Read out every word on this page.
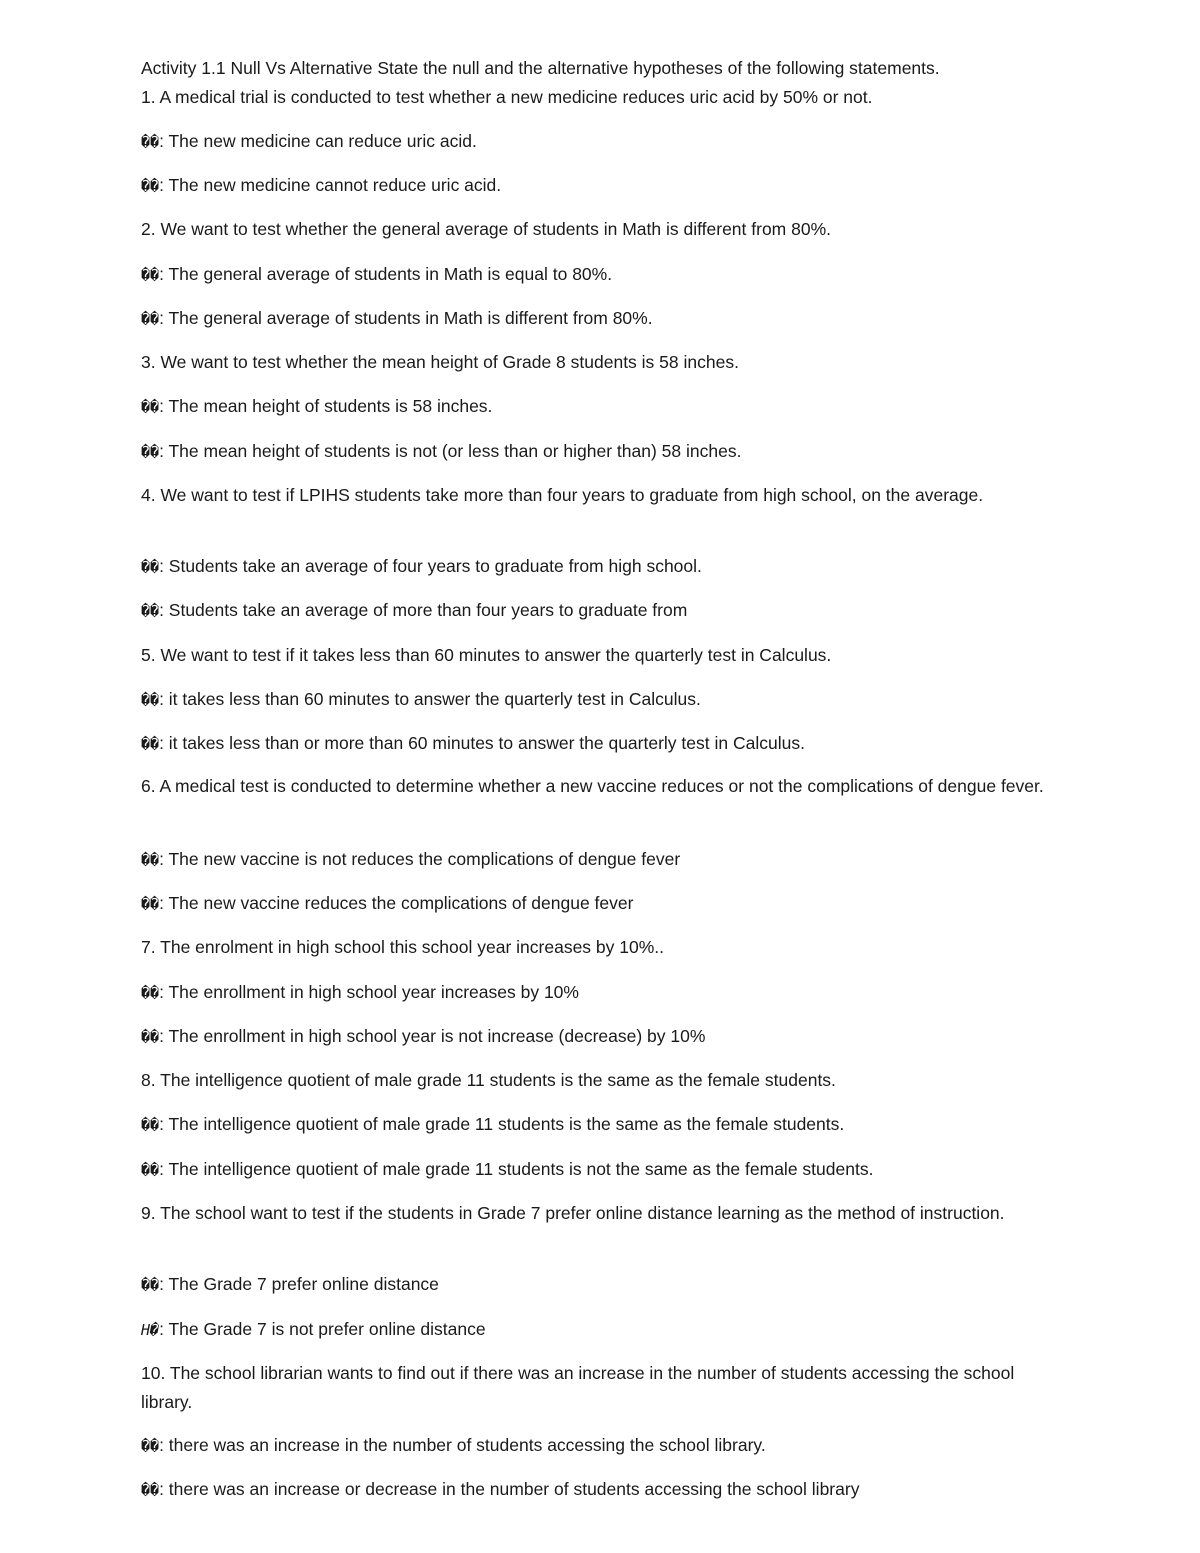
Activity 1.1 Null Vs Alternative State the null and the alternative hypotheses of the following statements.
1. A medical trial is conducted to test whether a new medicine reduces uric acid by 50% or not.
��: The new medicine can reduce uric acid.
��: The new medicine cannot reduce uric acid.
2. We want to test whether the general average of students in Math is different from 80%.
��: The general average of students in Math is equal to 80%.
��: The general average of students in Math is different from 80%.
3. We want to test whether the mean height of Grade 8 students is 58 inches.
��: The mean height of students is 58 inches.
��: The mean height of students is not (or less than or higher than) 58 inches.
4. We want to test if LPIHS students take more than four years to graduate from high school, on the average.
��: Students take an average of four years to graduate from high school.
��: Students take an average of more than four years to graduate from
5. We want to test if it takes less than 60 minutes to answer the quarterly test in Calculus.
��: it takes less than 60 minutes to answer the quarterly test in Calculus.
��: it takes less than or more than 60 minutes to answer the quarterly test in Calculus.
6. A medical test is conducted to determine whether a new vaccine reduces or not the complications of dengue fever.
��: The new vaccine is not reduces the complications of dengue fever
��: The new vaccine reduces the complications of dengue fever
7. The enrolment in high school this school year increases by 10%..
��: The enrollment in high school year increases by 10%
��: The enrollment in high school year is not increase (decrease) by 10%
8. The intelligence quotient of male grade 11 students is the same as the female students.
��: The intelligence quotient of male grade 11 students is the same as the female students.
��: The intelligence quotient of male grade 11 students is not the same as the female students.
9. The school want to test if the students in Grade 7 prefer online distance learning as the method of instruction.
��: The Grade 7 prefer online distance
H�: The Grade 7 is not prefer online distance
10. The school librarian wants to find out if there was an increase in the number of students accessing the school library.
��: there was an increase in the number of students accessing the school library.
��: there was an increase or decrease in the number of students accessing the school library
